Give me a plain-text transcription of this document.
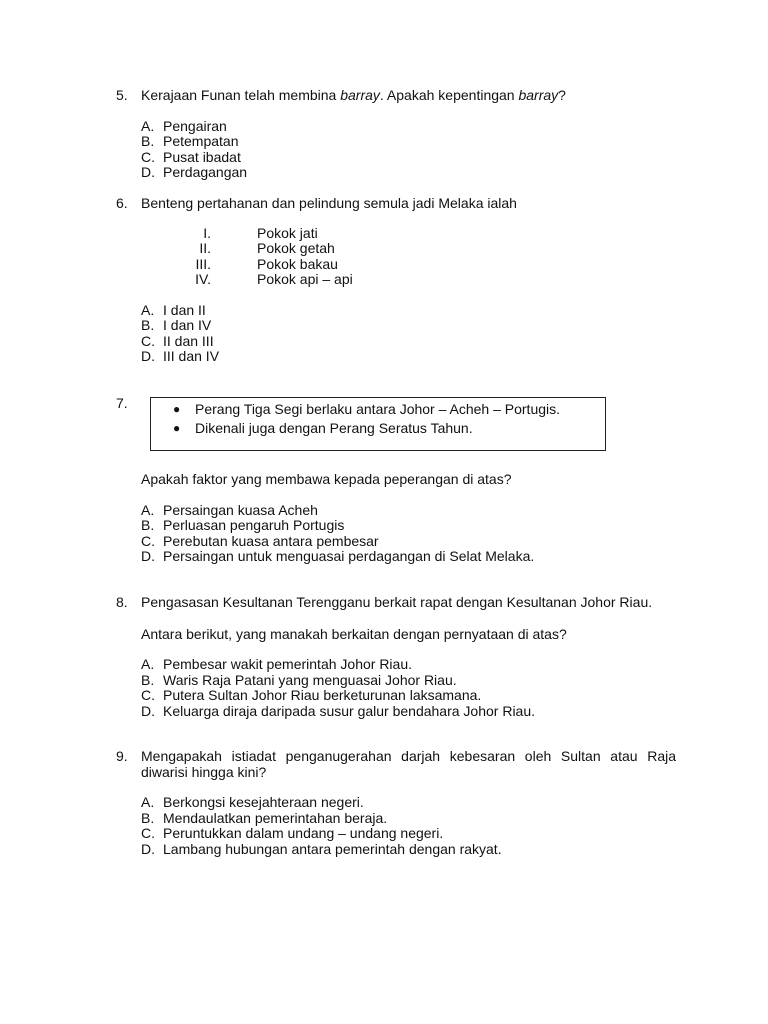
5. Kerajaan Funan telah membina barray. Apakah kepentingan barray?
A. Pengairan
B. Petempatan
C. Pusat ibadat
D. Perdagangan
6. Benteng pertahanan dan pelindung semula jadi Melaka ialah
I.	Pokok jati
II.	Pokok getah
III.	Pokok bakau
IV.	Pokok api – api
A. I dan II
B. I dan IV
C. II dan III
D. III dan IV
7.	●	Perang Tiga Segi berlaku antara Johor – Acheh – Portugis.
●	Dikenali juga dengan Perang Seratus Tahun.
Apakah faktor yang membawa kepada peperangan di atas?
A. Persaingan kuasa Acheh
B. Perluasan pengaruh Portugis
C. Perebutan kuasa antara pembesar
D. Persaingan untuk menguasai perdagangan di Selat Melaka.
8. Pengasasan Kesultanan Terengganu berkait rapat dengan Kesultanan Johor Riau.
Antara berikut, yang manakah berkaitan dengan pernyataan di atas?
A. Pembesar wakit pemerintah Johor Riau.
B. Waris Raja Patani yang menguasai Johor Riau.
C. Putera Sultan Johor Riau berketurunan laksamana.
D. Keluarga diraja daripada susur galur bendahara Johor Riau.
9. Mengapakah istiadat penganugerahan darjah kebesaran oleh Sultan atau Raja
diwarisi hingga kini?
A. Berkongsi kesejahteraan negeri.
B. Mendaulatkan pemerintahan beraja.
C. Peruntukkan dalam undang – undang negeri.
D. Lambang hubungan antara pemerintah dengan rakyat.
